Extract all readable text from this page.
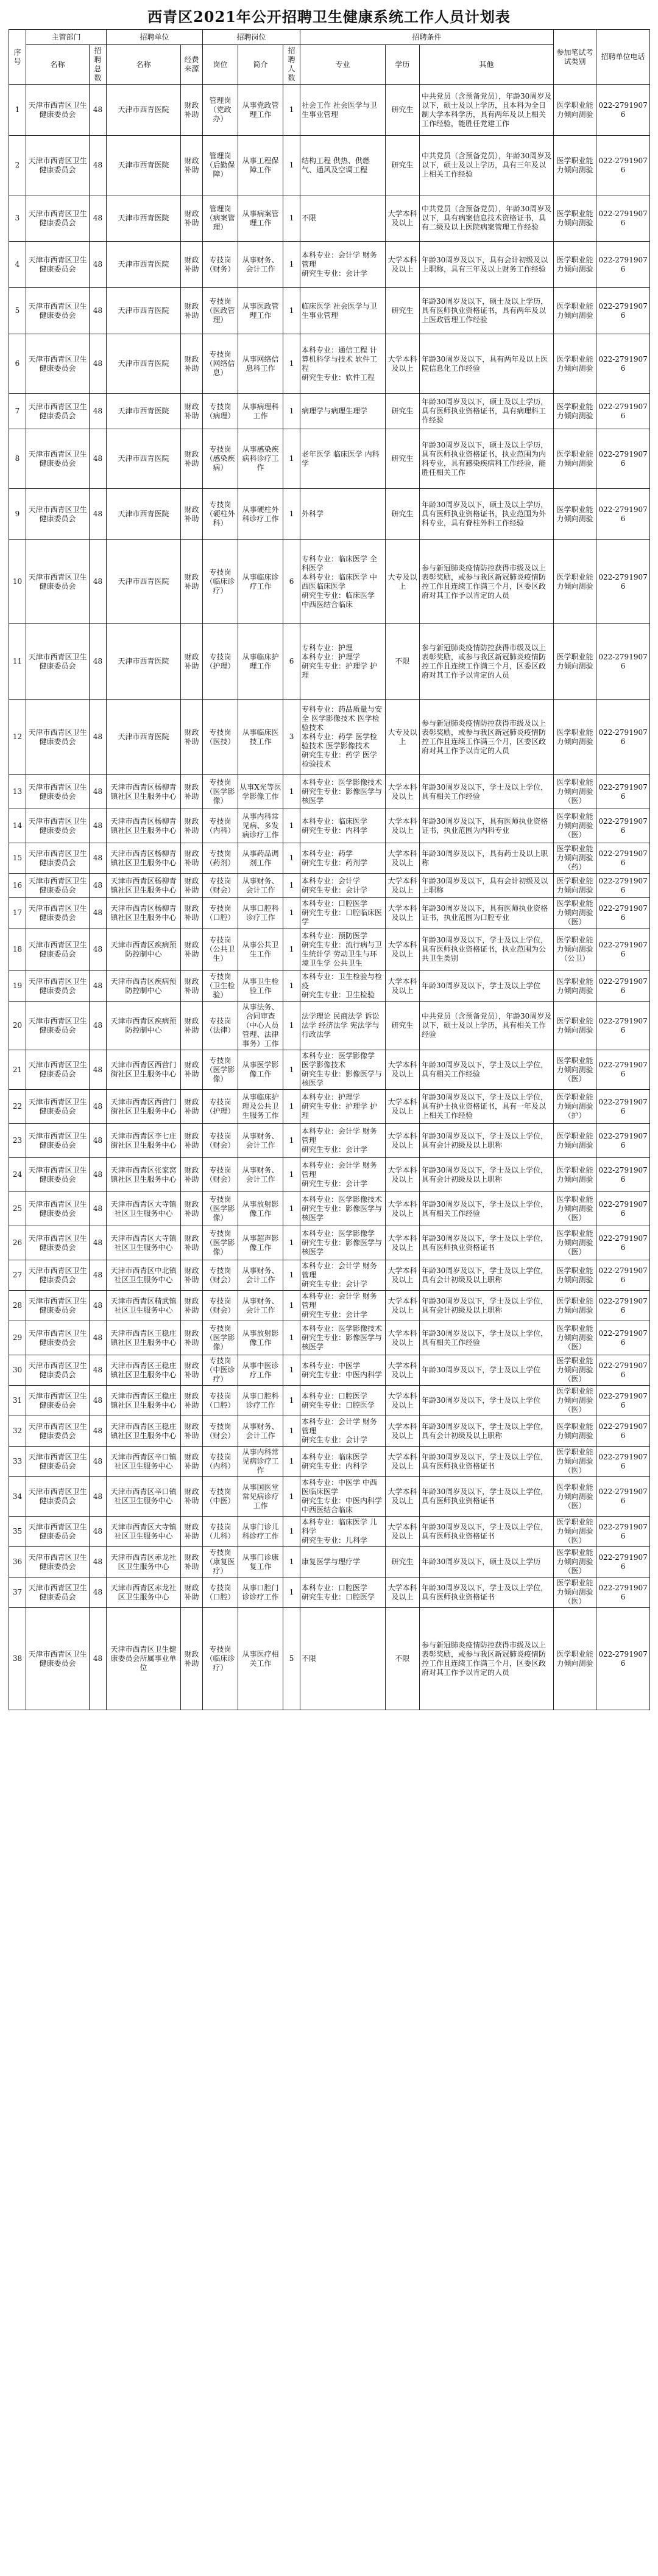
西青区2021年公开招聘卫生健康系统工作人员计划表
序号	主管部门		招聘单位		招聘岗位			招聘条件			参加笔试考试类别	招聘单位电话
	名称	招聘总数	名称	经费来源	岗位	简介	招聘人数	专业	学历	其他		
1	天津市西青区卫生健康委员会	48	天津市西青医院	财政补助	管理岗（党政办）	从事党政管理工作	1	社会工作 社会医学与卫生事业管理	研究生	中共党员（含预备党员），年龄30周岁及以下，硕士及以上学历，且本科为全日制大学本科学历，具有两年及以上相关工作经验，能胜任党建工作	医学职业能力倾向测验	022-27919076
2	天津市西青区卫生健康委员会	48	天津市西青医院	财政补助	管理岗（后勤保障）	从事工程保障工作	1	结构工程 供热、供燃气、通风及空调工程	研究生	中共党员（含预备党员），年龄30周岁及以下，硕士及以上学历，具有三年及以上相关工作经验	医学职业能力倾向测验	022-27919076
3	天津市西青区卫生健康委员会	48	天津市西青医院	财政补助	管理岗（病案管理）	从事病案管理工作	1	不限	大学本科及以上	中共党员（含预备党员），年龄30周岁及以下，具有病案信息技术资格证书，具有二级及以上医院病案管理工作经验	医学职业能力倾向测验	022-27919076
4	天津市西青区卫生健康委员会	48	天津市西青医院	财政补助	专技岗（财务）	从事财务、会计工作	1	本科专业：会计学 财务管理
研究生专业：会计学	大学本科及以上	年龄30周岁及以下，具有会计初级及以上职称，具有三年及以上财务工作经验	医学职业能力倾向测验	022-27919076
5	天津市西青区卫生健康委员会	48	天津市西青医院	财政补助	专技岗（医政管理）	从事医政管理工作	1	临床医学 社会医学与卫生事业管理	研究生	年龄30周岁及以下，硕士及以上学历，具有医师执业资格证书，具有两年及以上医政管理工作经验	医学职业能力倾向测验	022-27919076
6	天津市西青区卫生健康委员会	48	天津市西青医院	财政补助	专技岗（网络信息）	从事网络信息科工作	1	本科专业：通信工程 计算机科学与技术 软件工程
研究生专业：软件工程	大学本科及以上	年龄30周岁及以下，具有两年及以上医院信息化工作经验	医学职业能力倾向测验	022-27919076
7	天津市西青区卫生健康委员会	48	天津市西青医院	财政补助	专技岗（病理）	从事病理科工作	1	病理学与病理生理学	研究生	年龄30周岁及以下，硕士及以上学历，具有医师执业资格证书，具有病理科工作经验	医学职业能力倾向测验	022-27919076
8	天津市西青区卫生健康委员会	48	天津市西青医院	财政补助	专技岗（感染疾病）	从事感染疾病科诊疗工作	1	老年医学 临床医学 内科学	研究生	年龄30周岁及以下，硕士及以上学历，具有医师执业资格证书，执业范围为内科专业，具有感染疾病科工作经验，能胜任相关工作	医学职业能力倾向测验	022-27919076
9	天津市西青区卫生健康委员会	48	天津市西青医院	财政补助	专技岗（硬柱外科）	从事硬柱外科诊疗工作	1	外科学	研究生	年龄30周岁及以下，硕士及以上学历，具有医师执业资格证书，执业范围为外科专业，具有脊柱外科工作经验	医学职业能力倾向测验	022-27919076
10	天津市西青区卫生健康委员会	48	天津市西青医院	财政补助	专技岗（临床诊疗）	从事临床诊疗工作	6	专科专业：临床医学 全科医学
本科专业：临床医学 中西医临床医学
研究生专业：临床医学 中西医结合临床	大专及以上	参与新冠肺炎疫情防控获得市级及以上表彰奖励，或参与我区新冠肺炎疫情防控工作且连续工作满三个月，区委区政府对其工作予以肯定的人员	医学职业能力倾向测验	022-27919076
11	天津市西青区卫生健康委员会	48	天津市西青医院	财政补助	专技岗（护理）	从事临床护理工作	6	专科专业：护理
本科专业：护理学
研究生专业：护理学 护理	不限	参与新冠肺炎疫情防控获得市级及以上表彰奖励，或参与我区新冠肺炎疫情防控工作且连续工作满三个月，区委区政府对其工作予以肯定的人员	医学职业能力倾向测验	022-27919076
12	天津市西青区卫生健康委员会	48	天津市西青医院	财政补助	专技岗（医技）	从事临床医技工作	3	专科专业：药品质量与安全 医学影像技术 医学检验技术
本科专业：药学 医学检验技术 医学影像技术
研究生专业：药学 医学检验技术	大专及以上	参与新冠肺炎疫情防控获得市级及以上表彰奖励，或参与我区新冠肺炎疫情防控工作且连续工作满三个月，区委区政府对其工作予以肯定的人员	医学职业能力倾向测验	022-27919076
13	天津市西青区卫生健康委员会	48	天津市西青区杨柳青镇社区卫生服务中心	财政补助	专技岗（医学影像）	从事X光等医学影像工作	1	本科专业：医学影像技术
研究生专业：影像医学与核医学	大学本科及以上	年龄30周岁及以下，学士及以上学位，具有相关工作经验	医学职业能力倾向测验（医）	022-27919076
14	天津市西青区卫生健康委员会	48	天津市西青区杨柳青镇社区卫生服务中心	财政补助	专技岗（内科）	从事内科常见病、多发病诊疗工作	1	本科专业：临床医学
研究生专业：内科学	大学本科及以上	年龄30周岁及以下，具有医师执业资格证书，执业范围为内科专业	医学职业能力倾向测验（医）	022-27919076
15	天津市西青区卫生健康委员会	48	天津市西青区杨柳青镇社区卫生服务中心	财政补助	专技岗（药剂）	从事药品调剂工作	1	本科专业：药学
研究生专业：药剂学	大学本科及以上	年龄30周岁及以下，具有药士及以上职称	医学职业能力倾向测验（药）	022-27919076
16	天津市西青区卫生健康委员会	48	天津市西青区杨柳青镇社区卫生服务中心	财政补助	专技岗（财会）	从事财务、会计工作	1	本科专业：会计学
研究生专业：会计学	大学本科及以上	年龄30周岁及以下，具有会计初级及以上职称	医学职业能力倾向测验	022-27919076
17	天津市西青区卫生健康委员会	48	天津市西青区杨柳青镇社区卫生服务中心	财政补助	专技岗（口腔）	从事口腔科诊疗工作	1	本科专业：口腔医学
研究生专业：口腔临床医学	大学本科及以上	年龄30周岁及以下，具有医师执业资格证书，执业范围为口腔专业	医学职业能力倾向测验（医）	022-27919076
18	天津市西青区卫生健康委员会	48	天津市西青区疾病预防控制中心	财政补助	专技岗（公共卫生）	从事公共卫生工作	1	本科专业：预防医学
研究生专业：流行病与卫生统计学 劳动卫生与环境卫生学 公共卫生	大学本科及以上	年龄30周岁及以下，学士及以上学位，具有医师执业资格证书，执业范围为公共卫生类别	医学职业能力倾向测验（公卫）	022-27919076
19	天津市西青区卫生健康委员会	48	天津市西青区疾病预防控制中心	财政补助	专技岗（卫生检验）	从事卫生检验工作	1	本科专业：卫生检验与检疫
研究生专业：卫生检验	大学本科及以上	年龄30周岁及以下，学士及以上学位	医学职业能力倾向测验	022-27919076
20	天津市西青区卫生健康委员会	48	天津市西青区疾病预防控制中心	财政补助	专技岗（法律）	从事法务、合同审查（中心人员管理、法律事务）工作	1	法学理论 民商法学 诉讼法学 经济法学 宪法学与行政法学	研究生	中共党员（含预备党员），年龄30周岁及以下，硕士及以上学历，具有相关工作经验	医学职业能力倾向测验	022-27919076
21	天津市西青区卫生健康委员会	48	天津市西青区西营门街社区卫生服务中心	财政补助	专技岗（医学影像）	从事医学影像工作	1	本科专业：医学影像学 医学影像技术
研究生专业：影像医学与核医学	大学本科及以上	年龄30周岁及以下，学士及以上学位，具有相关工作经验	医学职业能力倾向测验（医）	022-27919076
22	天津市西青区卫生健康委员会	48	天津市西青区西营门街社区卫生服务中心	财政补助	专技岗（护理）	从事临床护理及公共卫生服务工作	1	本科专业：护理学
研究生专业：护理学 护理	大学本科及以上	年龄30周岁及以下，学士及以上学位，具有护士执业资格证书，具有一年及以上相关工作经验	医学职业能力倾向测验（护）	022-27919076
23	天津市西青区卫生健康委员会	48	天津市西青区李七庄街社区卫生服务中心	财政补助	专技岗（财会）	从事财务、会计工作	1	本科专业：会计学 财务管理
研究生专业：会计学	大学本科及以上	年龄30周岁及以下，学士及以上学位，具有会计初级及以上职称	医学职业能力倾向测验	022-27919076
24	天津市西青区卫生健康委员会	48	天津市西青区张家窝镇社区卫生服务中心	财政补助	专技岗（财会）	从事财务、会计工作	1	本科专业：会计学 财务管理
研究生专业：会计学	大学本科及以上	年龄30周岁及以下，学士及以上学位，具有会计初级及以上职称	医学职业能力倾向测验	022-27919076
25	天津市西青区卫生健康委员会	48	天津市西青区大寺镇社区卫生服务中心	财政补助	专技岗（医学影像）	从事放射影像工作	1	本科专业：医学影像技术
研究生专业：影像医学与核医学	大学本科及以上	年龄30周岁及以下，学士及以上学位，具有相关工作经验	医学职业能力倾向测验（医）	022-27919076
26	天津市西青区卫生健康委员会	48	天津市西青区大寺镇社区卫生服务中心	财政补助	专技岗（医学影像）	从事超声影像工作	1	本科专业：医学影像学
研究生专业：影像医学与核医学	大学本科及以上	年龄30周岁及以下，学士及以上学位，具有医师执业资格证书	医学职业能力倾向测验（医）	022-27919076
27	天津市西青区卫生健康委员会	48	天津市西青区中北镇社区卫生服务中心	财政补助	专技岗（财会）	从事财务、会计工作	1	本科专业：会计学 财务管理
研究生专业：会计学	大学本科及以上	年龄30周岁及以下，学士及以上学位，具有会计初级及以上职称	医学职业能力倾向测验	022-27919076
28	天津市西青区卫生健康委员会	48	天津市西青区精武镇社区卫生服务中心	财政补助	专技岗（财会）	从事财务、会计工作	1	本科专业：会计学 财务管理
研究生专业：会计学	大学本科及以上	年龄30周岁及以下，学士及以上学位，具有会计初级及以上职称	医学职业能力倾向测验	022-27919076
29	天津市西青区卫生健康委员会	48	天津市西青区王稳庄镇社区卫生服务中心	财政补助	专技岗（医学影像）	从事放射影像工作	1	本科专业：医学影像技术
研究生专业：影像医学与核医学	大学本科及以上	年龄30周岁及以下，学士及以上学位，具有相关工作经验	医学职业能力倾向测验（医）	022-27919076
30	天津市西青区卫生健康委员会	48	天津市西青区王稳庄镇社区卫生服务中心	财政补助	专技岗（中医诊疗）	从事中医诊疗工作	1	本科专业：中医学
研究生专业：中医内科学	大学本科及以上	年龄30周岁及以下，学士及以上学位	医学职业能力倾向测验（医）	022-27919076
31	天津市西青区卫生健康委员会	48	天津市西青区王稳庄镇社区卫生服务中心	财政补助	专技岗（口腔）	从事口腔科诊疗工作	1	本科专业：口腔医学
研究生专业：口腔医学	大学本科及以上	年龄30周岁及以下，学士及以上学位	医学职业能力倾向测验（医）	022-27919076
32	天津市西青区卫生健康委员会	48	天津市西青区王稳庄镇社区卫生服务中心	财政补助	专技岗（财会）	从事财务、会计工作	1	本科专业：会计学 财务管理
研究生专业：会计学	大学本科及以上	年龄30周岁及以下，学士及以上学位，具有会计初级及以上职称	医学职业能力倾向测验	022-27919076
33	天津市西青区卫生健康委员会	48	天津市西青区辛口镇社区卫生服务中心	财政补助	专技岗（内科）	从事内科常见病诊疗工作	1	本科专业：临床医学
研究生专业：内科学	大学本科及以上	年龄30周岁及以下，学士及以上学位，具有医师执业资格证书	医学职业能力倾向测验（医）	022-27919076
34	天津市西青区卫生健康委员会	48	天津市西青区辛口镇社区卫生服务中心	财政补助	专技岗（中医）	从事国医堂常见病诊疗工作	1	本科专业：中医学 中西医临床医学
研究生专业：中医内科学 中西医结合临床	大学本科及以上	年龄30周岁及以下，学士及以上学位，具有医师执业资格证书	医学职业能力倾向测验（医）	022-27919076
35	天津市西青区卫生健康委员会	48	天津市西青区大寺镇社区卫生服务中心	财政补助	专技岗（儿科）	从事门诊儿科诊疗工作	1	本科专业：临床医学 儿科学
研究生专业：儿科学	大学本科及以上	年龄30周岁及以下，学士及以上学位，具有医师执业资格证书	医学职业能力倾向测验（医）	022-27919076
36	天津市西青区卫生健康委员会	48	天津市西青区赤龙社区卫生服务中心	财政补助	专技岗（康复医疗）	从事门诊康复工作	1	康复医学与理疗学	研究生	年龄30周岁及以下，硕士及以上学历	医学职业能力倾向测验（医）	022-27919076
37	天津市西青区卫生健康委员会	48	天津市西青区赤龙社区卫生服务中心	财政补助	专技岗（口腔）	从事口腔门诊诊疗工作	1	本科专业：口腔医学
研究生专业：口腔医学	大学本科及以上	年龄30周岁及以下，学士及以上学位，具有医师执业资格证书	医学职业能力倾向测验（医）	022-27919076
38	天津市西青区卫生健康委员会	48	天津市西青区卫生健康委员会所属事业单位	财政补助	专技岗（临床诊疗）	从事医疗相关工作	5	不限	不限	参与新冠肺炎疫情防控获得市级及以上表彰奖励，或参与我区新冠肺炎疫情防控工作且连续工作满三个月，区委区政府对其工作予以肯定的人员	医学职业能力倾向测验	022-27919076
